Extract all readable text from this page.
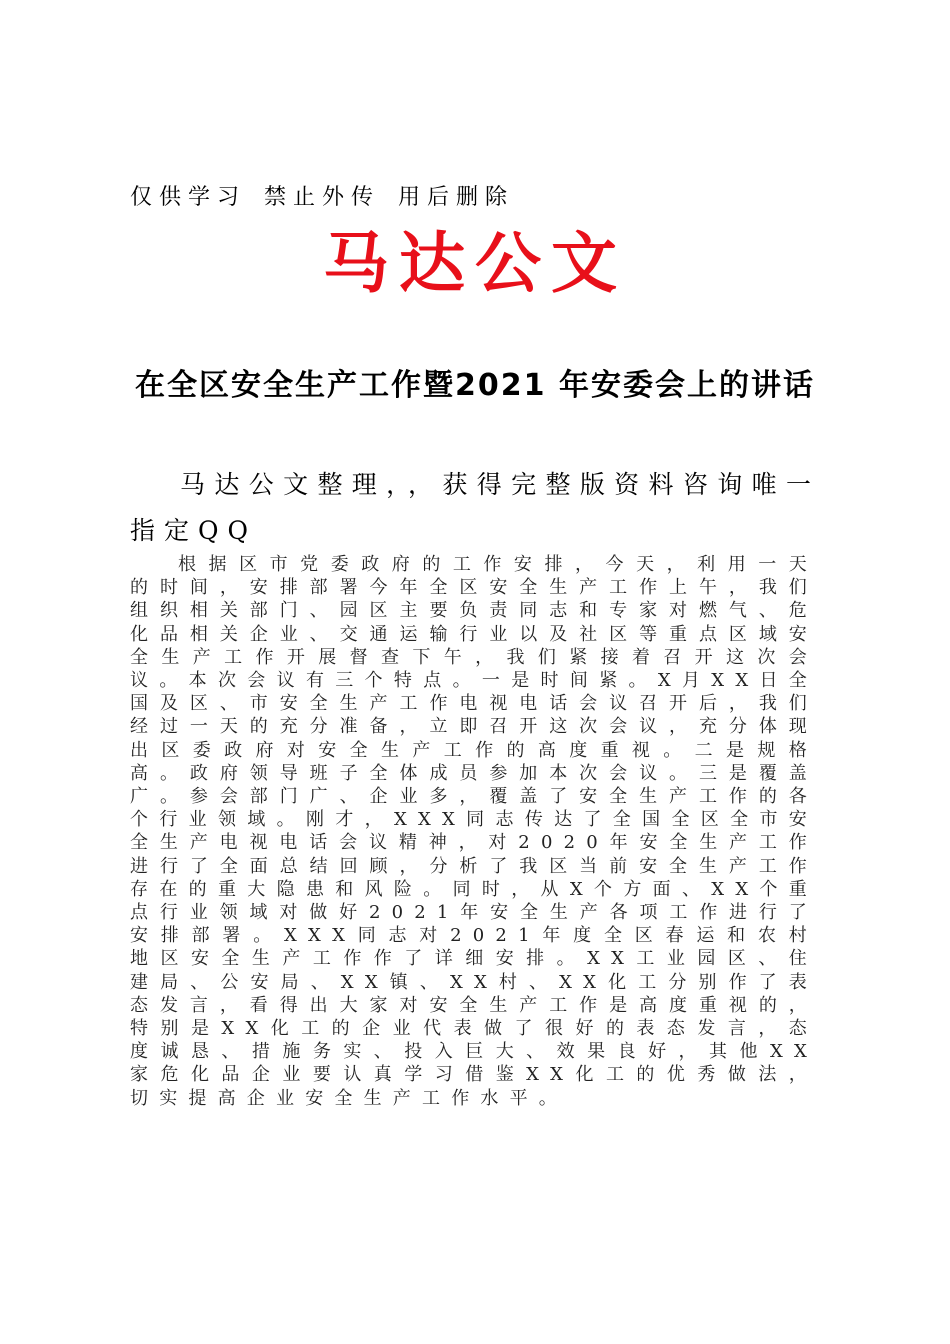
仅供学习 禁止外传 用后删除
马达公文
在全区安全生产工作暨2021 年安委会上的讲话
马达公文整理，，获得完整版资料咨询唯一指定QQ
根据区市党委政府的工作安排，今天，利用一天的时间，安排部署今年全区安全生产工作上午，我们组织相关部门、园区主要负责同志和专家对燃气、危化品相关企业、交通运输行业以及社区等重点区域安全生产工作开展督查下午，我们紧接着召开这次会议。本次会议有三个特点。一是时间紧。X月XX日全国及区、市安全生产工作电视电话会议召开后，我们经过一天的充分准备，立即召开这次会议，充分体现出区委政府对安全生产工作的高度重视。二是规格高。政府领导班子全体成员参加本次会议。三是覆盖广。参会部门广、企业多，覆盖了安全生产工作的各个行业领域。刚才，XXX同志传达了全国全区全市安全生产电视电话会议精神，对2020年安全生产工作进行了全面总结回顾，分析了我区当前安全生产工作存在的重大隐患和风险。同时，从X个方面、XX个重点行业领域对做好2021年安全生产各项工作进行了安排部署。XXX同志对2021年度全区春运和农村地区安全生产工作作了详细安排。XX工业园区、住建局、公安局、XX镇、XX村、XX化工分别作了表态发言，看得出大家对安全生产工作是高度重视的，特别是XX化工的企业代表做了很好的表态发言，态度诚恳、措施务实、投入巨大、效果良好，其他XX家危化品企业要认真学习借鉴XX化工的优秀做法，切实提高企业安全生产工作水平。
